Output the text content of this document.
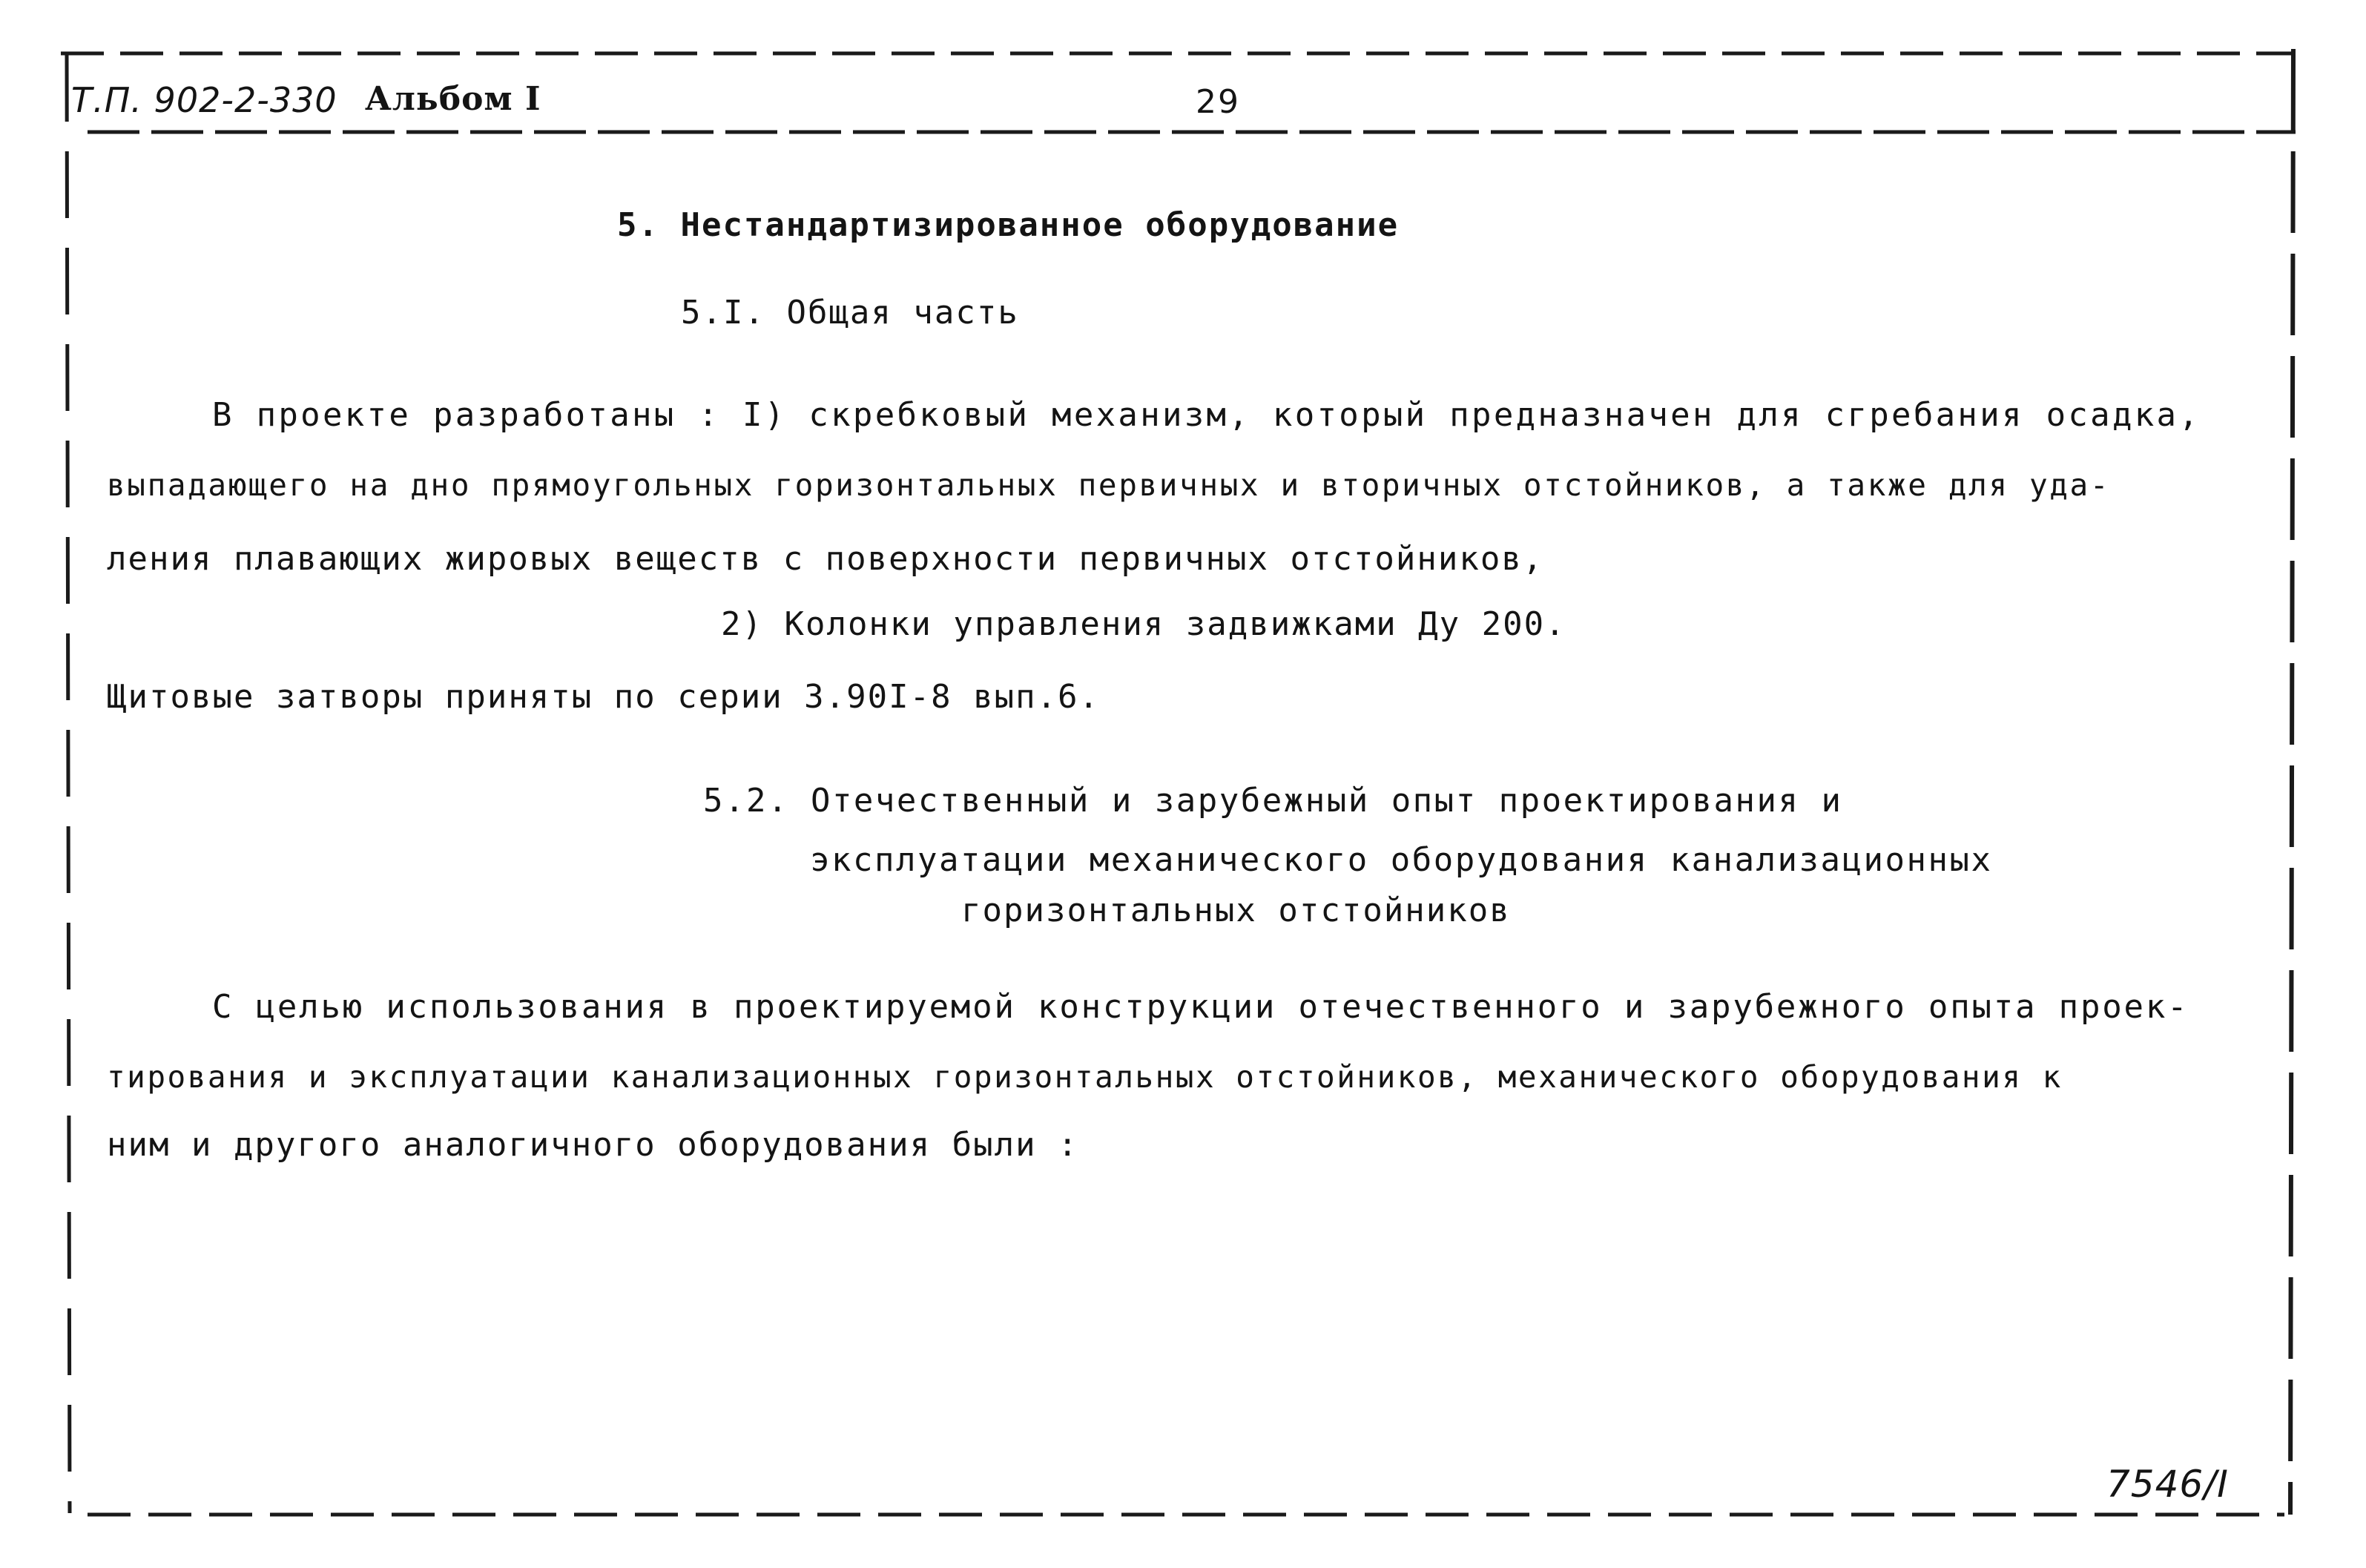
Т.П. 902-2-330 Альбом I	29
5. Нестандартизированное оборудование
5.I. Общая часть
В проекте разработаны : I) скребковый механизм, который предназначен для сгребания осадка,
выпадающего на дно прямоугольных горизонтальных первичных и вторичных отстойников, а также для уда-
ления плавающих жировых веществ с поверхности первичных отстойников,
2) Колонки управления задвижками Ду 200.
Щитовые затворы приняты по серии 3.90I-8 вып.6.
5.2. Отечественный и зарубежный опыт проектирования и
эксплуатации механического оборудования канализационных
горизонтальных отстойников
С целью использования в проектируемой конструкции отечественного и зарубежного опыта проек-
тирования и эксплуатации канализационных горизонтальных отстойников, механического оборудования к
ним и другого аналогичного оборудования были :
7546/I
